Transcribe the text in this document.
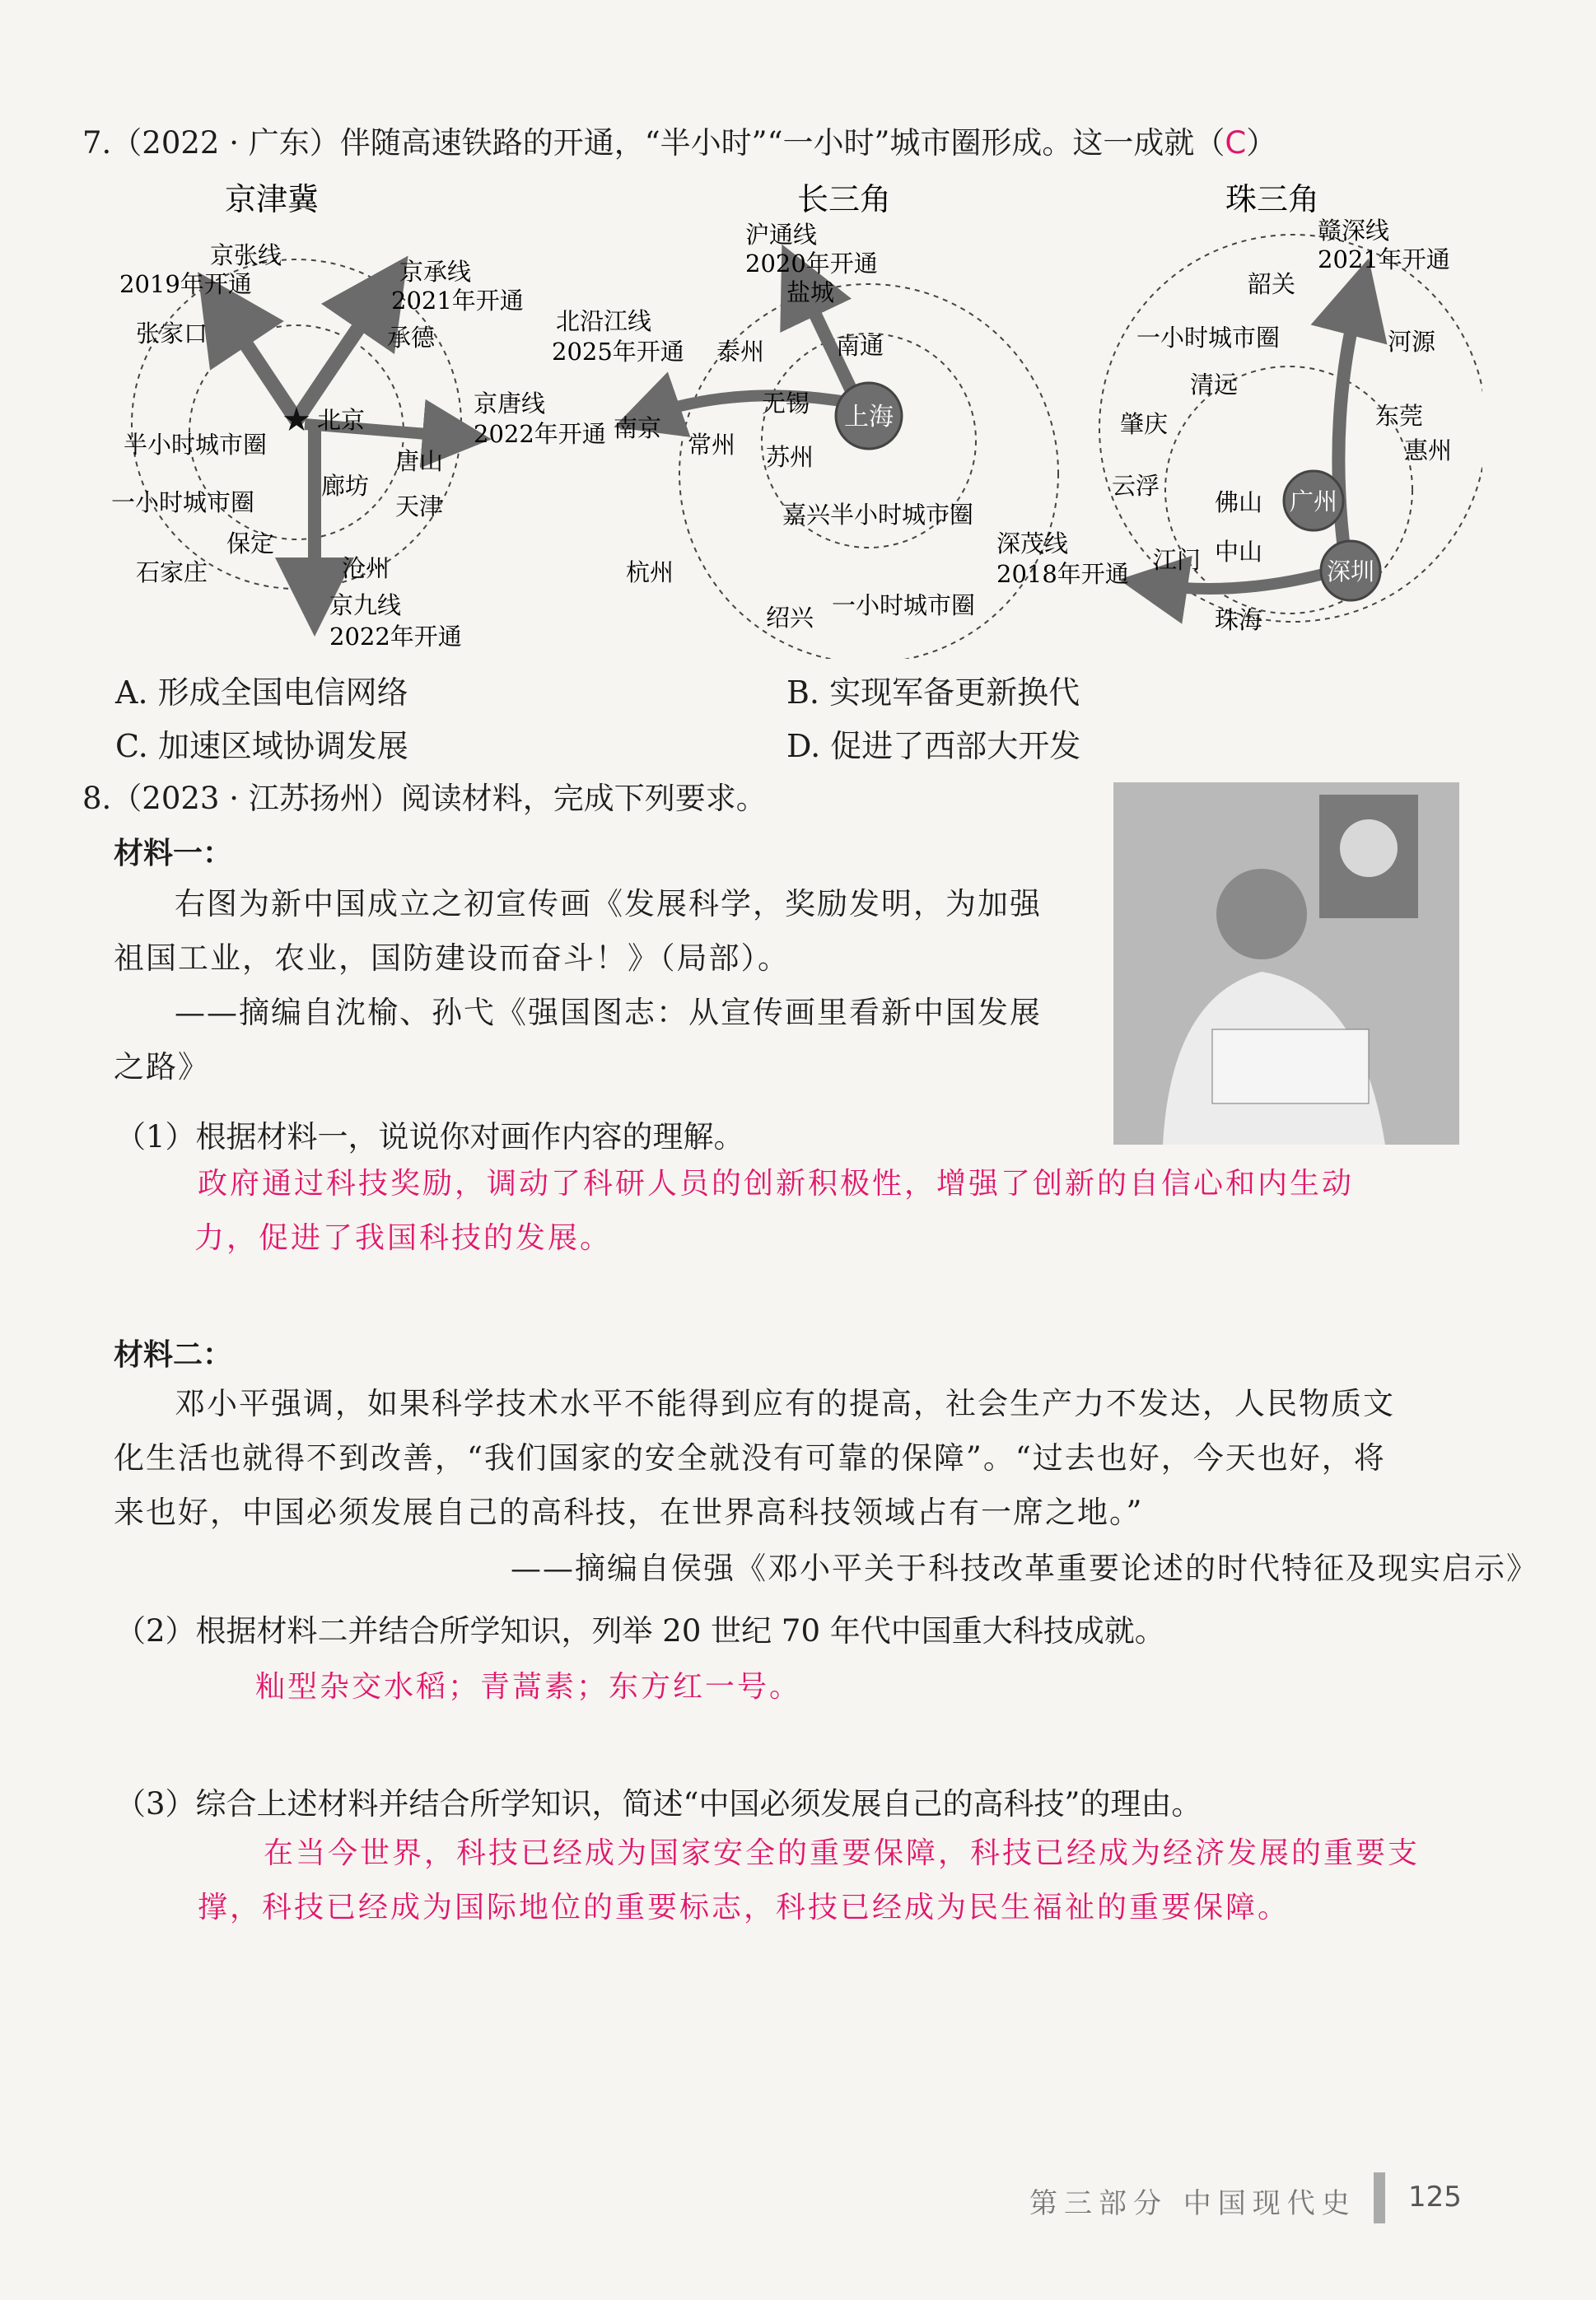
7.（2022 · 广东）伴随高速铁路的开通，“半小时”“一小时”城市圈形成。这一成就（C）
京津冀	长三角	珠三角
★
京张线
2019年开通	京承线
2021年开通
张家口	承德
北京
半小时城市圈
一小时城市圈
廊坊
唐山
天津
保定
石家庄	沧州
京九线
2022年开通
京唐线
2022年开通
上海
沪通线
2020年开通
盐城
北沿江线
2025年开通 泰州	南通
南京
无锡
常州 苏州
嘉兴半小时城市圈
杭州
绍兴 一小时城市圈
广州
深圳
赣深线
2021年开通
韶关
一小时城市圈	河源
清远
肇庆	东莞
惠州
云浮
佛山
深茂线
2018年开通 江门 中山
珠海
A. 形成全国电信网络	B. 实现军备更新换代
C. 加速区域协调发展	D. 促进了西部大开发
8.（2023 · 江苏扬州）阅读材料，完成下列要求。
材料一：
右图为新中国成立之初宣传画《发展科学，奖励发明，为加强
祖国工业，农业，国防建设而奋斗！》（局部）。
——摘编自沈榆、孙弋《强国图志：从宣传画里看新中国发展
之路》
（1）根据材料一，说说你对画作内容的理解。
政府通过科技奖励，调动了科研人员的创新积极性，增强了创新的自信心和内生动
力，促进了我国科技的发展。
材料二：
邓小平强调，如果科学技术水平不能得到应有的提高，社会生产力不发达，人民物质文
化生活也就得不到改善，“我们国家的安全就没有可靠的保障”。“过去也好，今天也好，将
来也好，中国必须发展自己的高科技，在世界高科技领域占有一席之地。”
——摘编自侯强《邓小平关于科技改革重要论述的时代特征及现实启示》
（2）根据材料二并结合所学知识，列举 20 世纪 70 年代中国重大科技成就。
籼型杂交水稻；青蒿素；东方红一号。
（3）综合上述材料并结合所学知识，简述“中国必须发展自己的高科技”的理由。
在当今世界，科技已经成为国家安全的重要保障，科技已经成为经济发展的重要支
撑，科技已经成为国际地位的重要标志，科技已经成为民生福祉的重要保障。
第三部分 中国现代史 125
